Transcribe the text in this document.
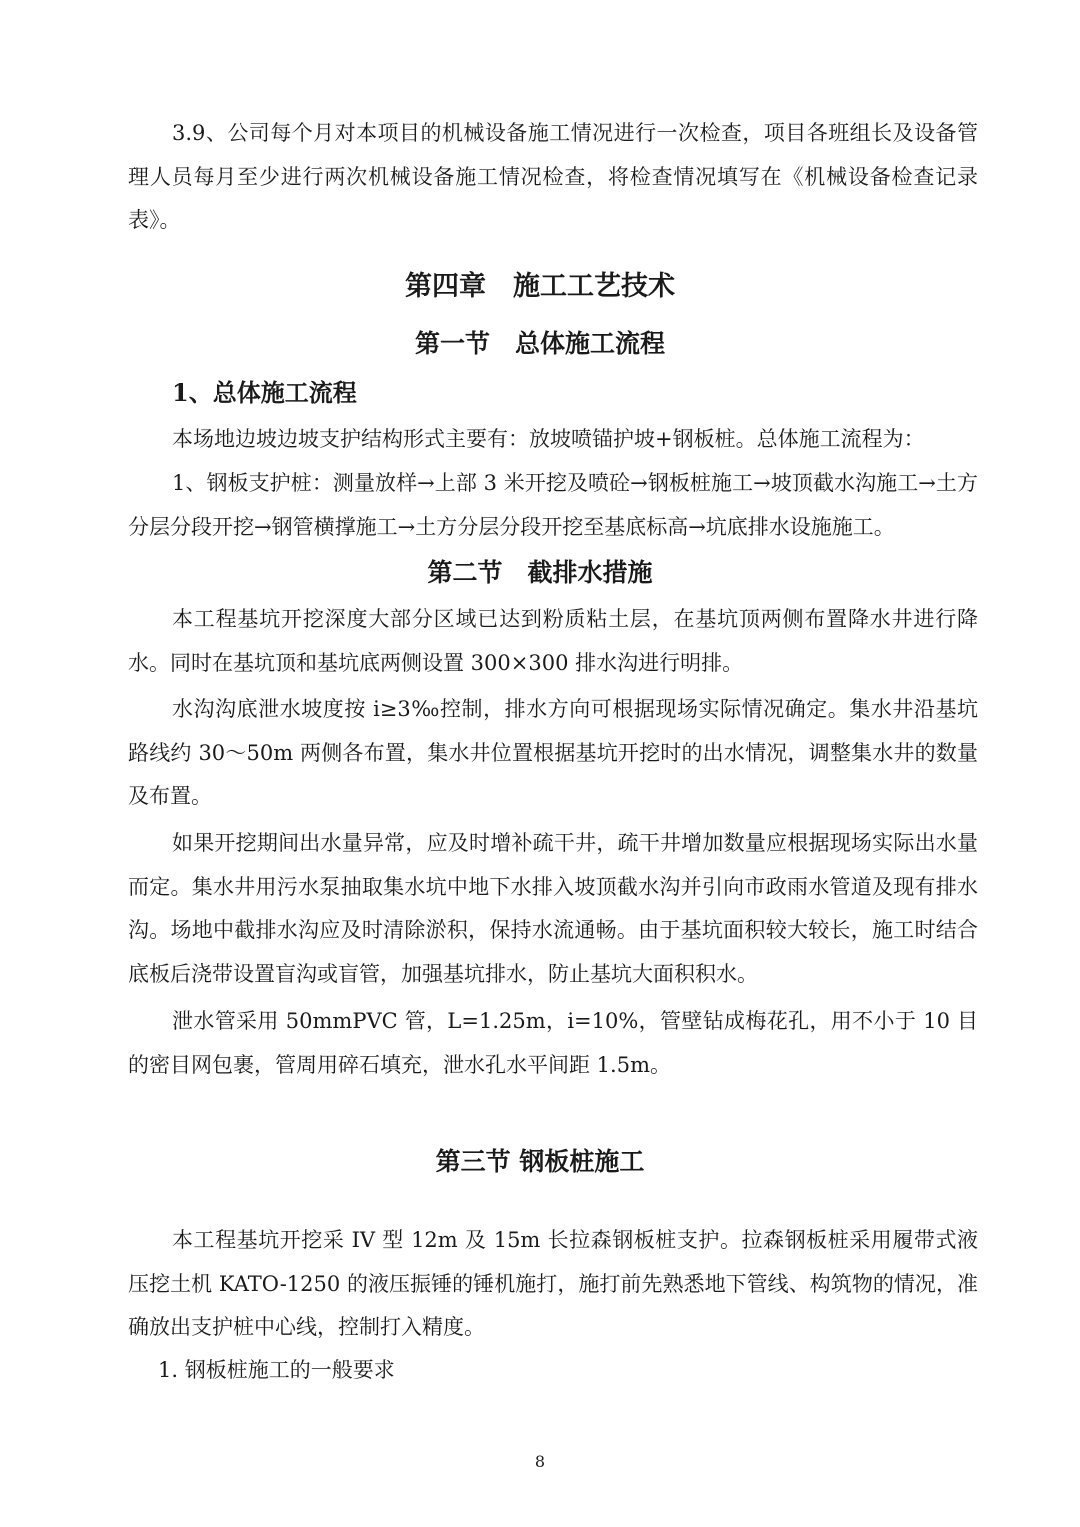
3.9、公司每个月对本项目的机械设备施工情况进行一次检查，项目各班组长及设备管理人员每月至少进行两次机械设备施工情况检查，将检查情况填写在《机械设备检查记录表》。

第四章　施工工艺技术
第一节　总体施工流程
1、总体施工流程

本场地边坡边坡支护结构形式主要有：放坡喷锚护坡+钢板桩。总体施工流程为：

1、钢板支护桩：测量放样→上部 3 米开挖及喷砼→钢板桩施工→坡顶截水沟施工→土方分层分段开挖→钢管横撑施工→土方分层分段开挖至基底标高→坑底排水设施施工。

第二节　截排水措施

本工程基坑开挖深度大部分区域已达到粉质粘土层，在基坑顶两侧布置降水井进行降水。同时在基坑顶和基坑底两侧设置 300×300 排水沟进行明排。

水沟沟底泄水坡度按 i≥3‰控制，排水方向可根据现场实际情况确定。集水井沿基坑路线约 30～50m 两侧各布置，集水井位置根据基坑开挖时的出水情况，调整集水井的数量及布置。

如果开挖期间出水量异常，应及时增补疏干井，疏干井增加数量应根据现场实际出水量而定。集水井用污水泵抽取集水坑中地下水排入坡顶截水沟并引向市政雨水管道及现有排水沟。场地中截排水沟应及时清除淤积，保持水流通畅。由于基坑面积较大较长，施工时结合底板后浇带设置盲沟或盲管，加强基坑排水，防止基坑大面积积水。

泄水管采用 50mmPVC 管，L=1.25m，i=10%，管壁钻成梅花孔，用不小于 10 目的密目网包裹，管周用碎石填充，泄水孔水平间距 1.5m。

第三节 钢板桩施工

本工程基坑开挖采 IV 型 12m 及 15m 长拉森钢板桩支护。拉森钢板桩采用履带式液压挖土机 KATO-1250 的液压振锤的锤机施打，施打前先熟悉地下管线、构筑物的情况，准确放出支护桩中心线，控制打入精度。

1. 钢板桩施工的一般要求

8
